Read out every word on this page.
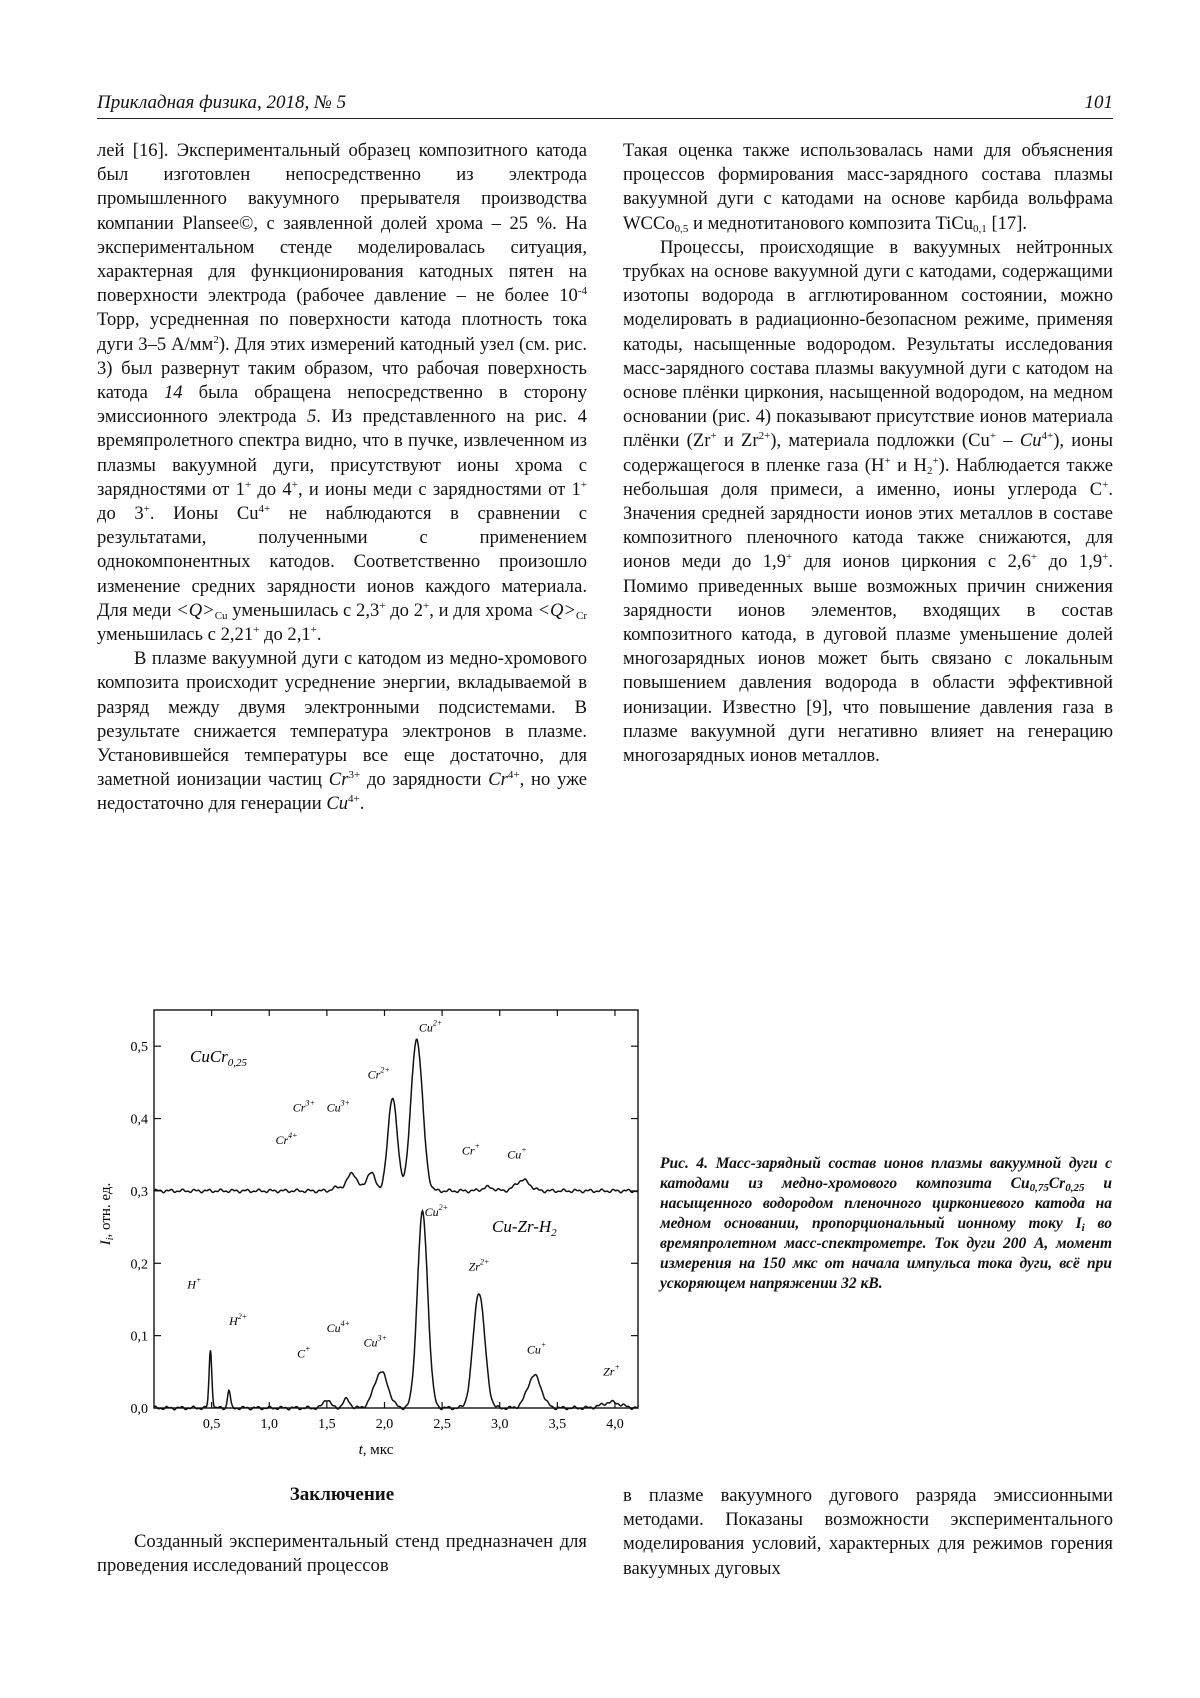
Прикладная физика, 2018, № 5	101

лей [16]. Экспериментальный образец композитного катода был изготовлен непосредственно из электрода промышленного вакуумного прерывателя производства компании Plansee©, с заявленной долей хрома – 25 %. На экспериментальном стенде моделировалась ситуация, характерная для функционирования катодных пятен на поверхности электрода (рабочее давление – не более $10^{-4}$ Торр, усредненная по поверхности катода плотность тока дуги 3–5 $А/мм^2$). Для этих измерений катодный узел (см. рис. 3) был развернут таким образом, что рабочая поверхность катода 14 была обращена непосредственно в сторону эмиссионного электрода 5. Из представленного на рис. 4 времяпролетного спектра видно, что в пучке, извлеченном из плазмы вакуумной дуги, присутствуют ионы хрома с зарядностями от 1+ до 4+, и ионы меди с зарядностями от 1+ до 3+. Ионы $Cu^{4+}$ не наблюдаются в сравнении с результатами, полученными с применением однокомпонентных катодов. Соответственно произошло изменение средних зарядности ионов каждого материала. Для меди $<Q>_{Cu}$ уменьшилась с 2,3+ до 2+, и для хрома $<Q>_{Cr}$ уменьшилась с 2,21+ до 2,1+.

В плазме вакуумной дуги с катодом из медно-хромового композита происходит усреднение энергии, вкладываемой в разряд между двумя электронными подсистемами. В результате снижается температура электронов в плазме. Установившейся температуры все еще достаточно, для заметной ионизации частиц $Cr^{3+}$ до зарядности $Cr^{4+}$, но уже недостаточно для генерации $Cu^{4+}$.

Такая оценка также использовалась нами для объяснения процессов формирования масс-зарядного состава плазмы вакуумной дуги с катодами на основе карбида вольфрама WCCo$_{0,5}$ и меднотитанового композита TiCu$_{0,1}$ [17].

Процессы, происходящие в вакуумных нейтронных трубках на основе вакуумной дуги с катодами, содержащими изотопы водорода в агглютированном состоянии, можно моделировать в радиационно-безопасном режиме, применяя катоды, насыщенные водородом. Результаты исследования масс-зарядного состава плазмы вакуумной дуги с катодом на основе плёнки циркония, насыщенной водородом, на медном основании (рис. 4) показывают присутствие ионов материала плёнки (Zr+ и $Zr^{2+}$), материала подложки $(Cu^+ - Cu^{4+})$, ионы содержащегося в пленке газа (H+ и $H_2^+$). Наблюдается также небольшая доля примеси, а именно, ионы углерода C+. Значения средней зарядности ионов этих металлов в составе композитного пленочного катода также снижаются, для ионов меди до 1,9+ для ионов циркония с 2,6+ до 1,9+. Помимо приведенных выше возможных причин снижения зарядности ионов элементов, входящих в состав композитного катода, в дуговой плазме уменьшение долей многозарядных ионов может быть связано с локальным повышением давления водорода в области эффективной ионизации. Известно [9], что повышение давления газа в плазме вакуумной дуги негативно влияет на генерацию многозарядных ионов металлов.

0,5	1,0	1,5	2,0	2,5	3,0	3,5	4,0
0,0
0,1
0,2
0,3
0,4
0,5
$Cr^{4+}$
$Cr^{3+}$ $Cu^{3+}$
$Cr^{2+}$
$Cu^{2+}$
Cr+
Cu+
H+
$H^{2+}$
C+
$Cu^{4+}$
$Cu^{3+}$
$Cu^{2+}$
$Zr^{2+}$
Cu+
Zr+
CuCr$_{0,25}$
$Cu-Zr-H_2$
$I_i$, отн. ед.
t, мкс
Рис. 4. Масс-зарядный состав ионов плазмы вакуумной дуги с катодами из медно-хромового композита $Cu_{0,75}Cr_{0,25}$ и насыщенного водородом пленочного циркониевого катода на медном основании, пропорциональный ионному току $I_i$ во времяпролетном масс-спектрометре. Ток дуги 200 А, момент измерения на 150 мкс от начала импульса тока дуги, всё при ускоряющем напряжении 32 кВ.
Заключение
Созданный экспериментальный стенд предназначен для проведения исследований процессов
в плазме вакуумного дугового разряда эмиссионными методами. Показаны возможности экспериментального моделирования условий, характерных для режимов горения вакуумных дуговых
